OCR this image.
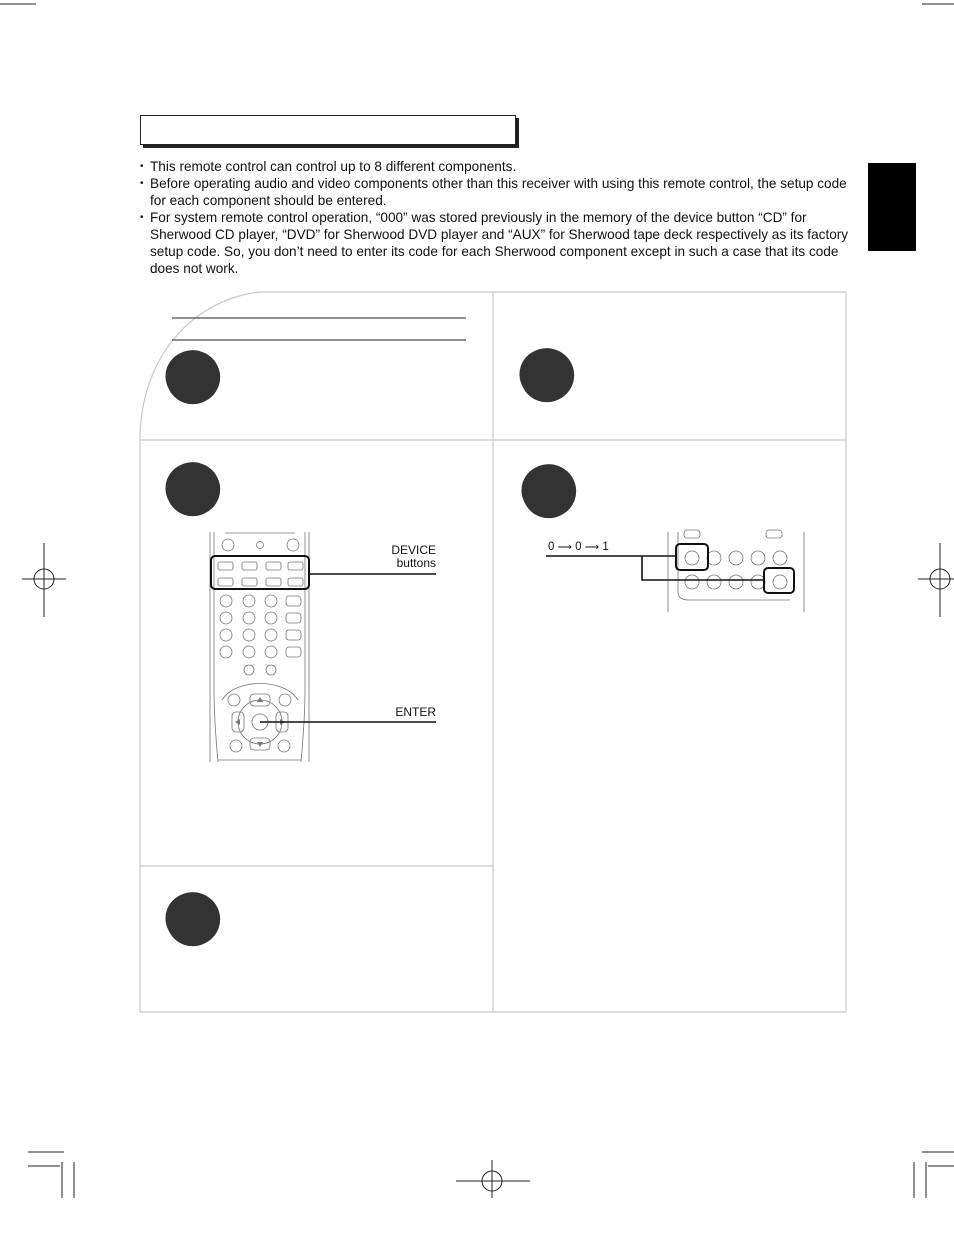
• This remote control can control up to 8 different components.
• Before operating audio and video components other than this receiver with using this remote control, the setup code for each component should be entered.
• For system remote control operation, “000” was stored previously in the memory of the device button “CD” for Sherwood CD player, “DVD” for Sherwood DVD player and “AUX” for Sherwood tape deck respectively as its factory setup code. So, you don’t need to enter its code for each Sherwood component except in such a case that its code does not work.
DEVICE
buttons
ENTER
0 ⟶ 0 ⟶ 1
